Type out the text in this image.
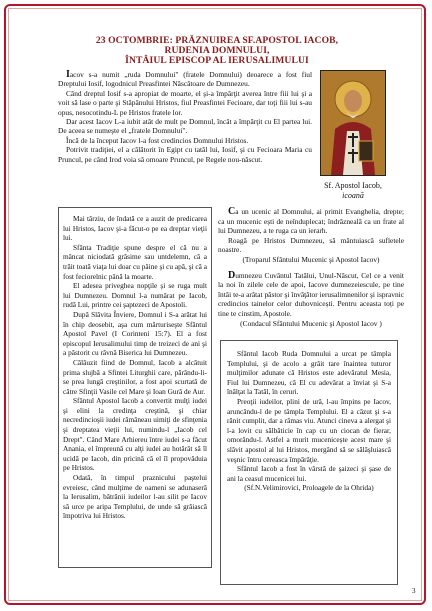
23 OCTOMBRIE: PRĂZNUIREA SF.APOSTOL IACOB,
RUDENIA DOMNULUI,
ÎNTÂIUL EPISCOP AL IERUSALIMULUI

Iacov s-a numit „ruda Domnului" (fratele Domnului) deoarece a fost fiul Dreptului Iosif, logodnicul Preasfintei Născătoare de Dumnezeu.

Când dreptul Iosif s-a apropiat de moarte, el şi-a împărţit averea între fiii lui şi a voit să lase o parte şi Stăpânului Hristos, fiul Preasfintei Fecioare, dar toţi fiii lui s-au opus, nesocotindu-L pe Hristos fratele lor.

Dar acest Iacov L-a iubit atât de mult pe Domnul, încât a împărţit cu El partea lui. De aceea se numeşte el „fratele Domnului".

Încă de la început Iacov l-a fost credincios Domnului Hristos.

Potrivit tradiţiei, el a călătorit în Egipt cu tatăl lui, Iosif, şi cu Fecioara Maria cu Pruncul, pe când Irod voia să omoare Pruncul, pe Regele nou-născut.

Sf. Apostol Iacob,
icoană

Mai târziu, de îndată ce a auzit de predicarea lui Hristos, Iacov şi-a făcut-o pe ea dreptar vieţii lui.

Sfânta Tradiţie spune despre el că nu a mâncat niciodată grăsime sau untdelemn, că a trăit toată viaţa lui doar cu pâine şi cu apă, şi că a fost feciorelnic până la moarte.

El adesea priveghea nopţile şi se ruga mult lui Dumnezeu. Domnul l-a numărat pe Iacob, rudă Lui, printre cei şaptezeci de Apostoli.

După Slăvita Înviere, Domnul i S-a arătat lui în chip deosebit, aşa cum mărturiseşte Sfântul Apostol Pavel (I Corinteni 15:7). El a fost episcopul Ierusalimului timp de treizeci de ani şi a păstorit cu râvnă Biserica lui Dumnezeu.

Călăuzit fiind de Domnul, Iacob a alcătuit prima slujbă a Sfintei Liturghii care, părându-li-se prea lungă creştinilor, a fost apoi scurtată de către Sfinţii Vasile cel Mare şi Ioan Gură de Aur.

Sfântul Apostol Iacob a convertit mulţi iudei şi elini la credinţa creştină, şi chiar necredincioşii iudei rămâneau uimiţi de sfinţenia şi dreptatea vieţii lui, numindu-l „Iacob cel Drept". Când Mare Arhiereu între iudei s-a făcut Anania, el împreună cu alţi iudei au hotărât să îl ucidă pe Iacob, din pricină că el îl propovăduia pe Hristos.

Odată, în timpul praznicului paştelui evreiesc, când mulţime de oameni se adunaseră la Ierusalim, bătrânii iudeilor l-au silit pe Iacov să urce pe aripa Templului, de unde să grăiască împotriva lui Hristos.

Ca un ucenic al Domnului, ai primit Evanghelia, drepte; ca un mucenic ești de neînduplecat; îndrăzneală ca un frate al lui Dumnezeu, a te ruga ca un ierarh.

Roagă pe Hristos Dumnezeu, să mântuiască sufletele noastre.

(Troparul Sfântului Mucenic şi Apostol Iacov)

Dumnezeu Cuvântul Tatălui, Unul-Născut, Cel ce a venit la noi în zilele cele de apoi, Iacove dumnezeiescule, pe tine întâi te-a arătat păstor şi învăţător ierusalimnenilor şi ispravnic credincios tainelor celor duhovnicești. Pentru aceasta toți pe tine te cinstim, Apostole.

(Condacul Sfântului Mucenic şi Apostol Iacov )

Sfântul Iacob Ruda Domnului a urcat pe tâmpla Templului, şi de acolo a grăit tare înaintea tuturor mulţimilor adunate că Hristos este adevăratul Mesia, Fiul lui Dumnezeu, că El cu adevărat a înviat şi S-a înălţat la Tatăl, în ceruri.

Preoţii iudeilor, plini de ură, l-au împins pe Iacov, aruncându-l de pe tâmpla Templului. El a căzut şi s-a rănit cumplit, dar a rămas viu. Atunci cineva a alergat şi l-a lovit cu sălbăticie în cap cu un ciocan de fierar, omorându-l. Astfel a murit mucenicește acest mare şi slăvit apostol al lui Hristos, mergând să se sălăşluiască veşnic întru cereasca împărăţie.

Sfântul Iacob a fost în vârstă de şaizeci şi şase de ani la ceasul mucenicei lui.

(Sf.N.Velimirovici, Proloagele de la Ohrida)

3
